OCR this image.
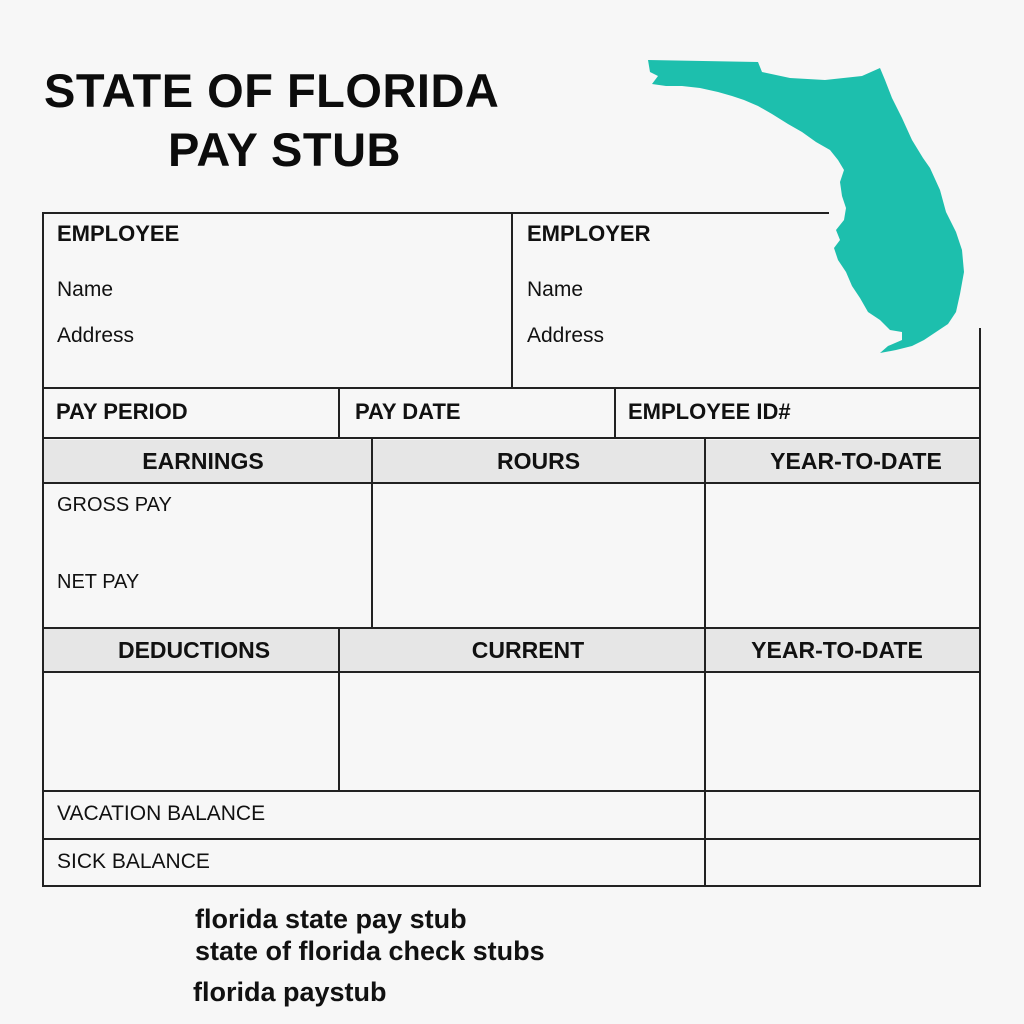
STATE OF FLORIDA
PAY STUB
EMPLOYEE
Name
Address
EMPLOYER
Name
Address
PAY PERIOD	PAY DATE	EMPLOYEE ID#
EARNINGS	ROURS	YEAR-TO-DATE
GROSS PAY
NET PAY
DEDUCTIONS	CURRENT	YEAR-TO-DATE
VACATION BALANCE
SICK BALANCE
florida state pay stub
state of florida check stubs
florida paystub
